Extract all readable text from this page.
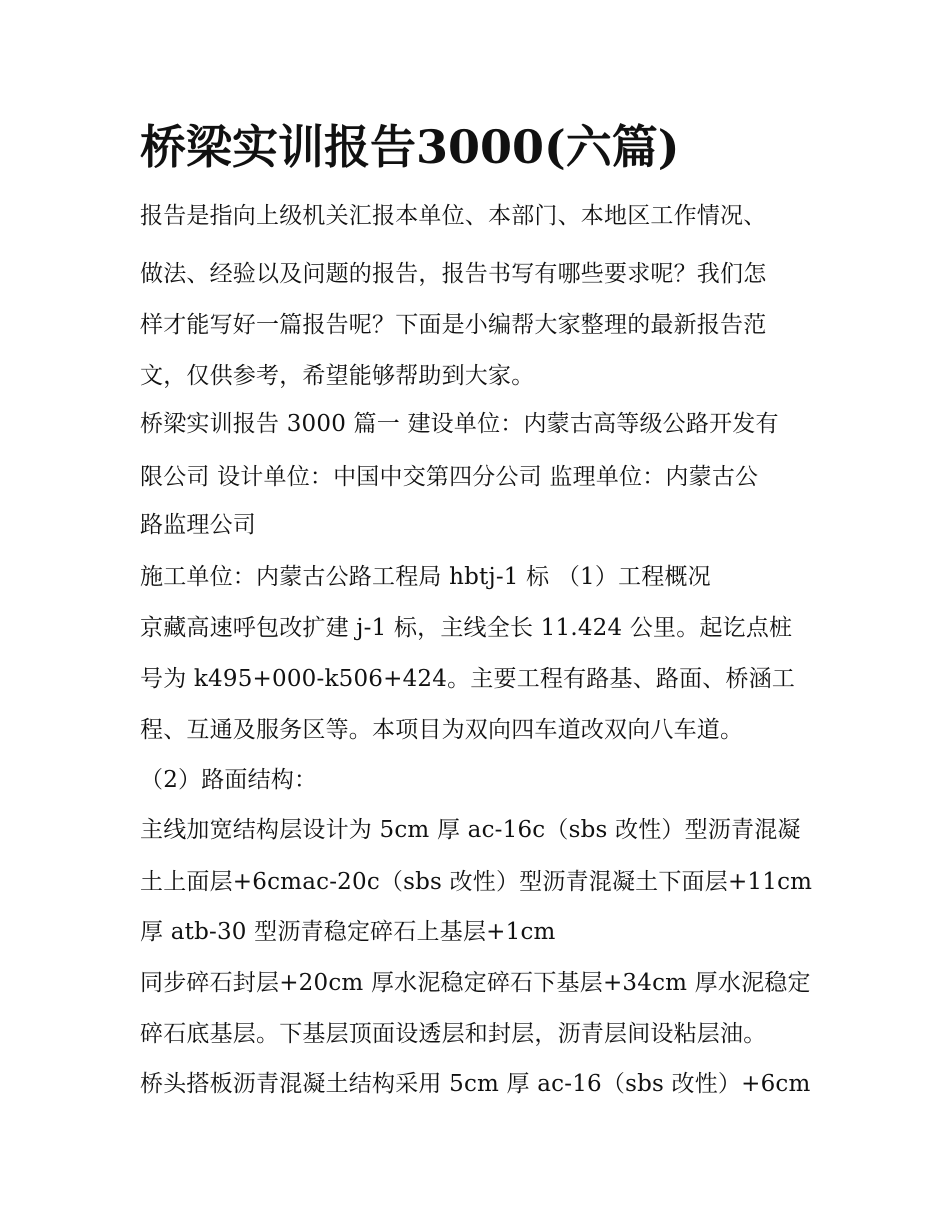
桥梁实训报告3000(六篇)

报告是指向上级机关汇报本单位、本部门、本地区工作情况、

做法、经验以及问题的报告，报告书写有哪些要求呢？我们怎

样才能写好一篇报告呢？下面是小编帮大家整理的最新报告范

文，仅供参考，希望能够帮助到大家。

桥梁实训报告 3000 篇一 建设单位：内蒙古高等级公路开发有

限公司 设计单位：中国中交第四分公司 监理单位：内蒙古公

路监理公司

施工单位：内蒙古公路工程局 hbtj-1 标 （1）工程概况

京藏高速呼包改扩建 j-1 标，主线全长 11.424 公里。起讫点桩

号为 k495+000-k506+424。主要工程有路基、路面、桥涵工

程、互通及服务区等。本项目为双向四车道改双向八车道。

（2）路面结构：

主线加宽结构层设计为 5cm 厚 ac-16c（sbs 改性）型沥青混凝

土上面层+6cmac-20c（sbs 改性）型沥青混凝土下面层+11cm

厚 atb-30 型沥青稳定碎石上基层+1cm

同步碎石封层+20cm 厚水泥稳定碎石下基层+34cm 厚水泥稳定

碎石底基层。下基层顶面设透层和封层，沥青层间设粘层油。

桥头搭板沥青混凝土结构采用 5cm 厚 ac-16（sbs 改性）+6cm
